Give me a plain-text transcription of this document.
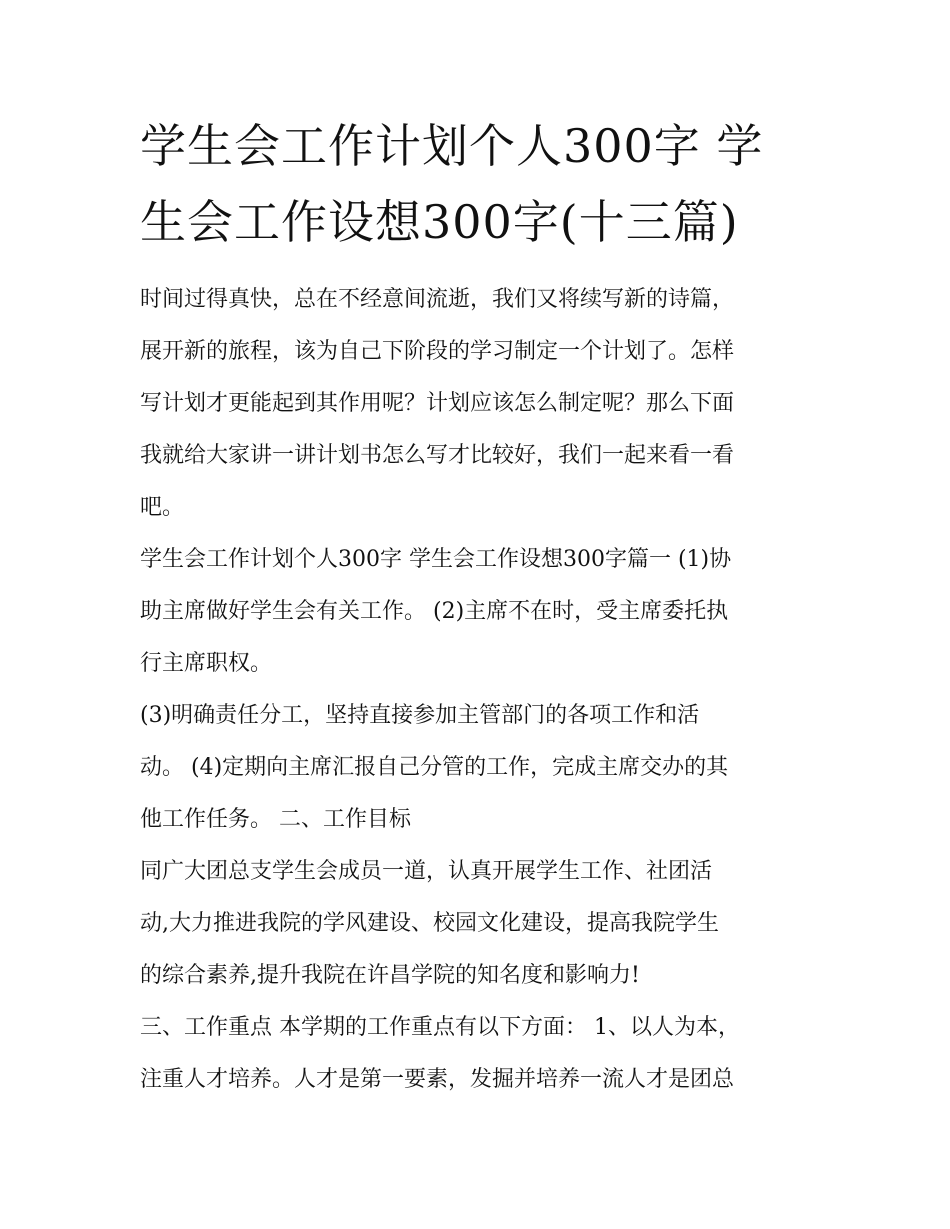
学生会工作计划个人300字 学
生会工作设想300字(十三篇)
时间过得真快，总在不经意间流逝，我们又将续写新的诗篇，
展开新的旅程，该为自己下阶段的学习制定一个计划了。怎样
写计划才更能起到其作用呢？计划应该怎么制定呢？那么下面
我就给大家讲一讲计划书怎么写才比较好，我们一起来看一看
吧。
学生会工作计划个人300字 学生会工作设想300字篇一 (1)协
助主席做好学生会有关工作。 (2)主席不在时，受主席委托执
行主席职权。
(3)明确责任分工，坚持直接参加主管部门的各项工作和活
动。 (4)定期向主席汇报自己分管的工作，完成主席交办的其
他工作任务。 二、工作目标
同广大团总支学生会成员一道，认真开展学生工作、社团活
动,大力推进我院的学风建设、校园文化建设，提高我院学生
的综合素养,提升我院在许昌学院的知名度和影响力!
三、工作重点 本学期的工作重点有以下方面： 1、以人为本，
注重人才培养。人才是第一要素，发掘并培养一流人才是团总
